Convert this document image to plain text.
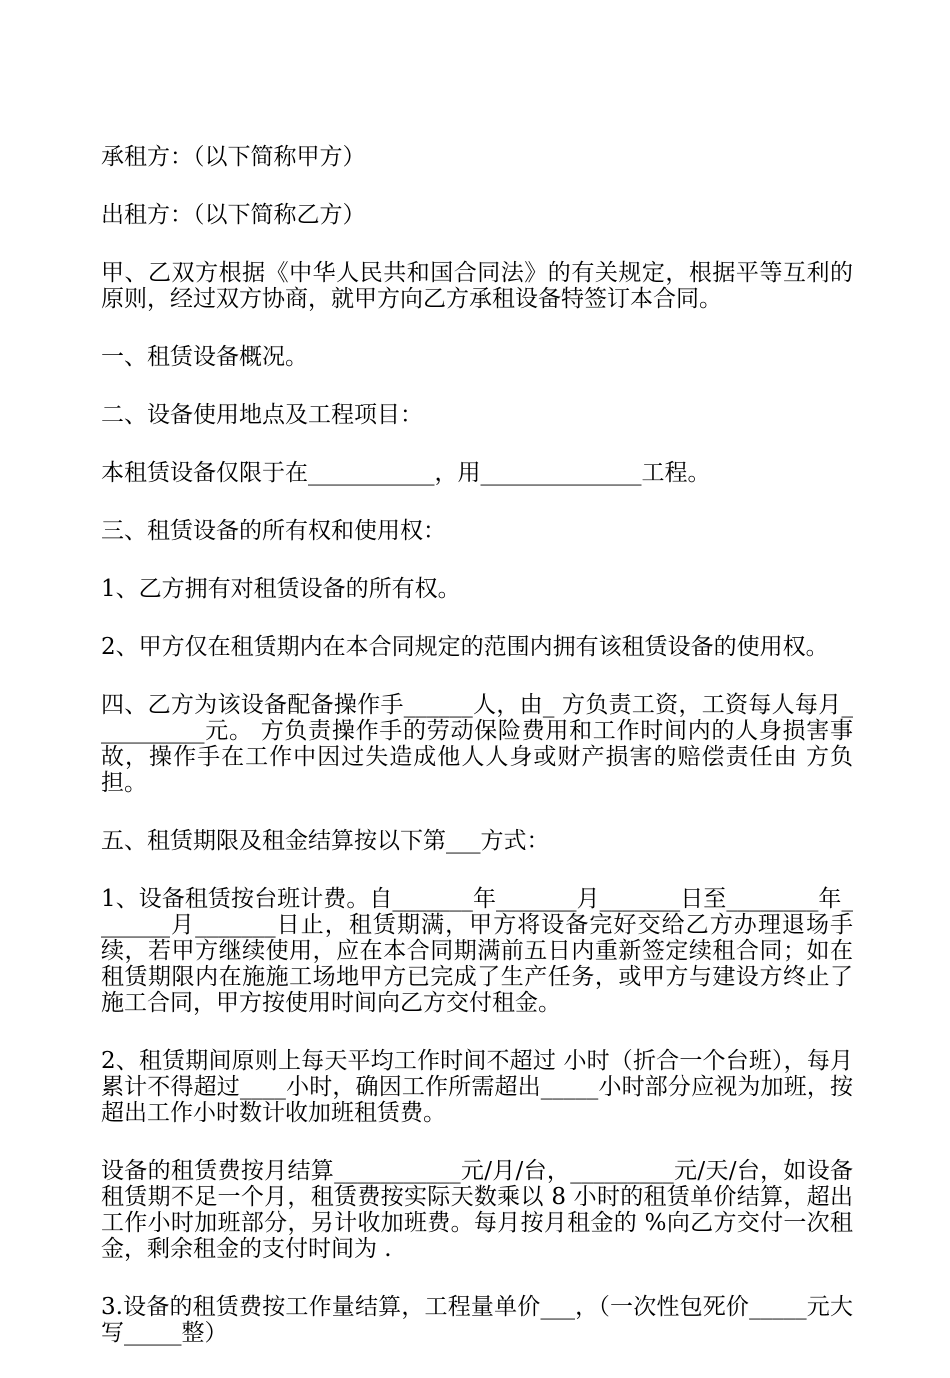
承租方：（以下简称甲方）

出租方：（以下简称乙方）

甲、乙双方根据《中华人民共和国合同法》的有关规定，根据平等互利的原则，经过双方协商，就甲方向乙方承租设备特签订本合同。

一、租赁设备概况。

二、设备使用地点及工程项目：

本租赁设备仅限于在___________，用______________工程。

三、租赁设备的所有权和使用权：

1、乙方拥有对租赁设备的所有权。

2、甲方仅在租赁期内在本合同规定的范围内拥有该租赁设备的使用权。

四、乙方为该设备配备操作手______人，由_ 方负责工资，工资每人每月__________元。 方负责操作手的劳动保险费用和工作时间内的人身损害事故，操作手在工作中因过失造成他人人身或财产损害的赔偿责任由 方负担。

五、租赁期限及租金结算按以下第___方式：

1、设备租赁按台班计费。自_______年_______月_______日至________年_______月_______日止，租赁期满，甲方将设备完好交给乙方办理退场手续，若甲方继续使用，应在本合同期满前五日内重新签定续租合同；如在租赁期限内在施施工场地甲方已完成了生产任务，或甲方与建设方终止了施工合同，甲方按使用时间向乙方交付租金。

2、租赁期间原则上每天平均工作时间不超过 小时（折合一个台班），每月累计不得超过____小时，确因工作所需超出_____小时部分应视为加班，按超出工作小时数计收加班租赁费。

设备的租赁费按月结算___________元/月/台，_________元/天/台，如设备租赁期不足一个月，租赁费按实际天数乘以 8 小时的租赁单价结算，超出工作小时加班部分，另计收加班费。每月按月租金的 %向乙方交付一次租金，剩余租金的支付时间为 .

3.设备的租赁费按工作量结算，工程量单价___，（一次性包死价_____元大写_____整）
